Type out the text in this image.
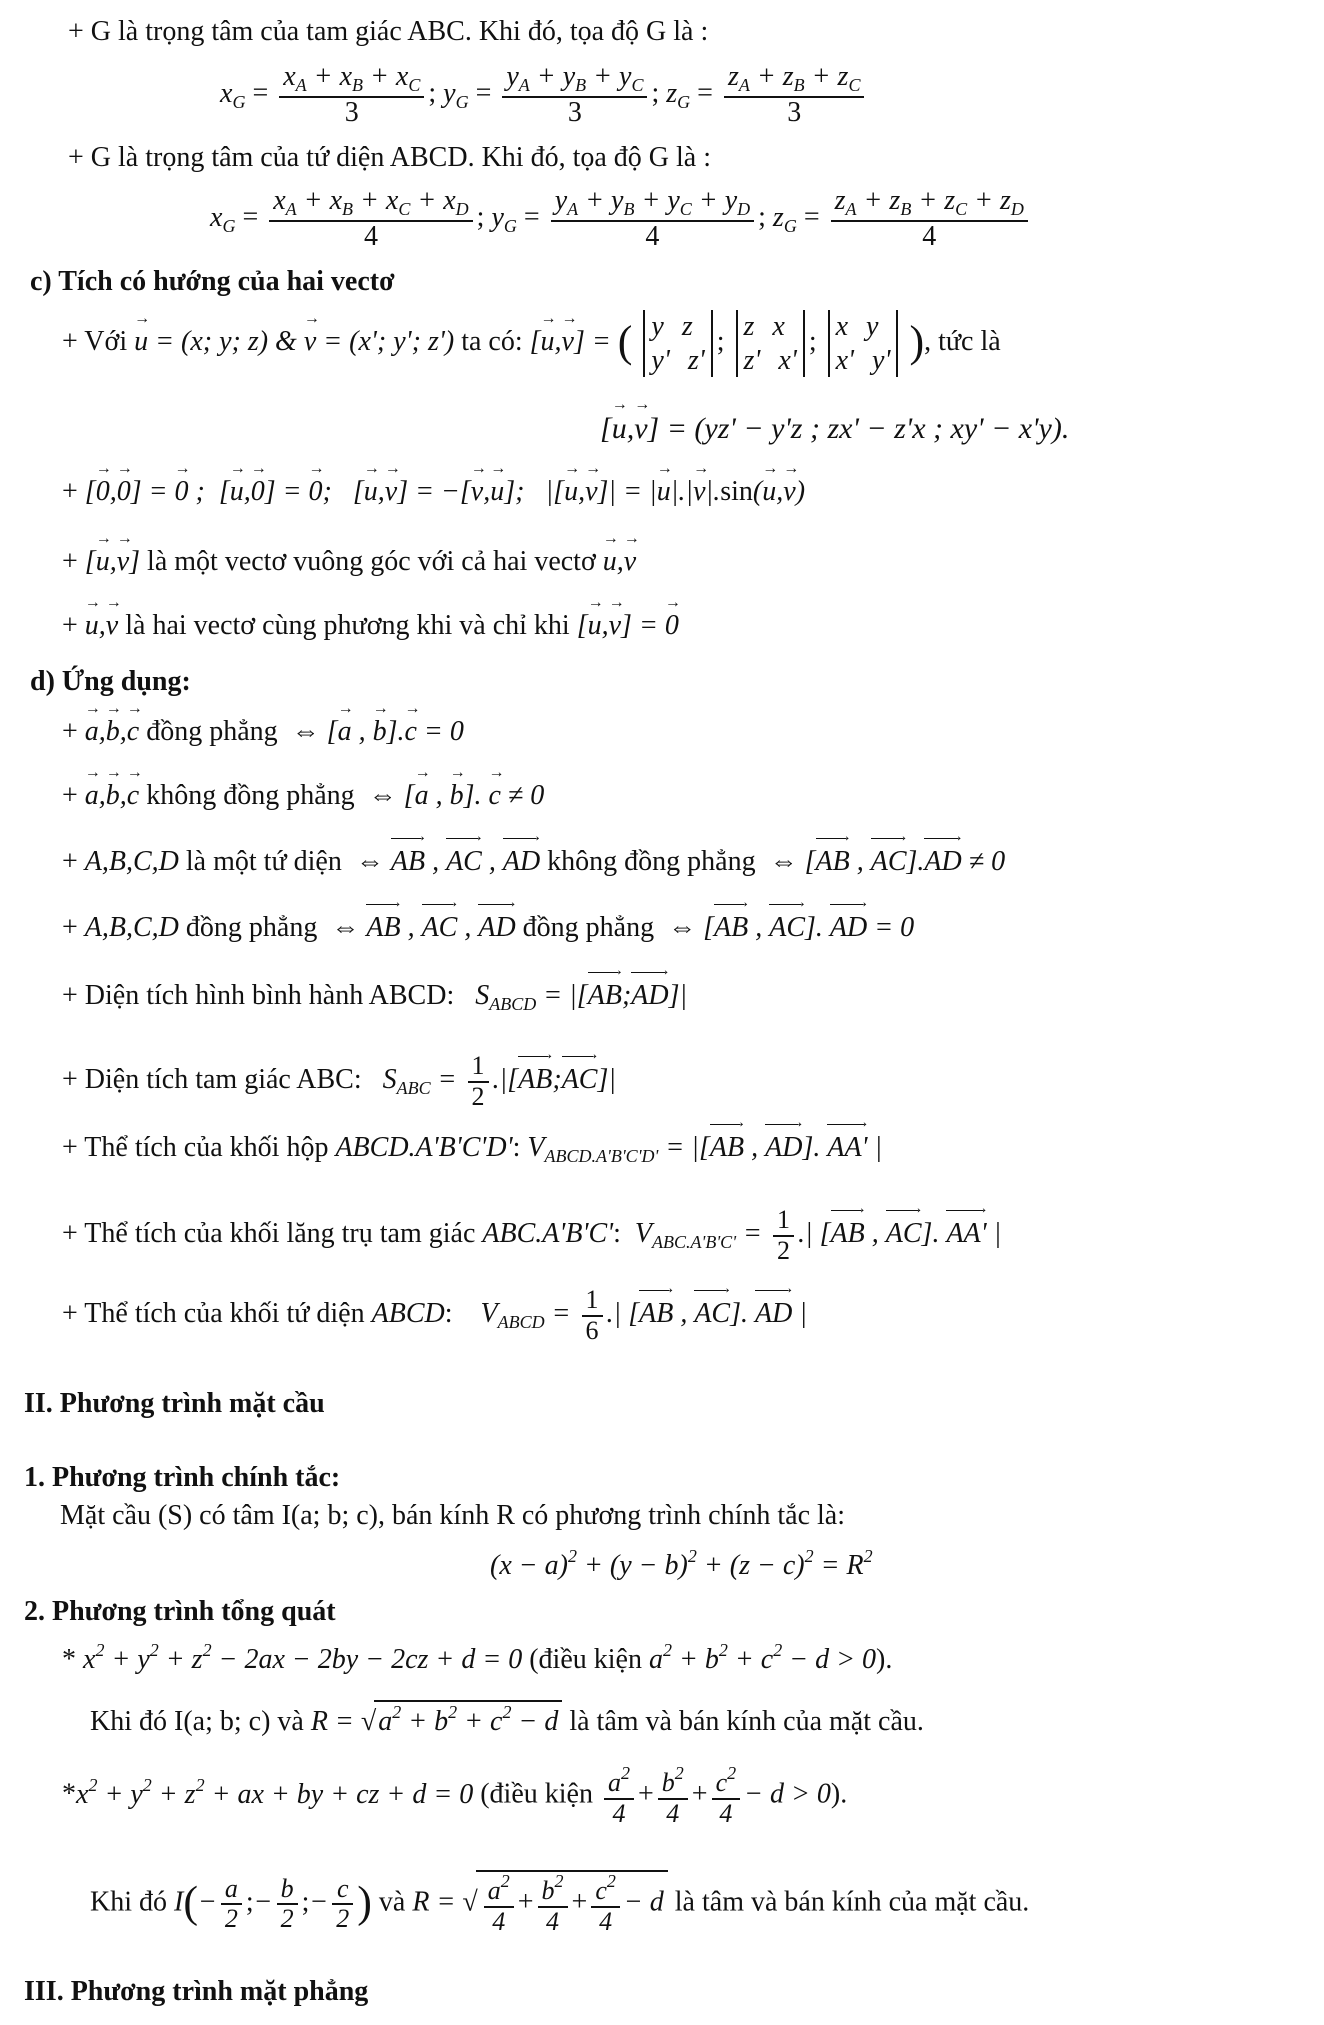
+ G là trọng tâm của tam giác ABC. Khi đó, tọa độ G là :
$x_G = \frac{x_A + x_B + x_C}{3}$ ; $y_G = \frac{y_A + y_B + y_C}{3}$ ; $z_G = \frac{z_A + z_B + z_C}{3}$
+ G là trọng tâm của tứ diện ABCD. Khi đó, tọa độ G là :
$x_G = \frac{x_A + x_B + x_C + x_D}{4}$ ; $y_G = \frac{y_A + y_B + y_C + y_D}{4}$ ; $z_G = \frac{z_A + z_B + z_C + z_D}{4}$
c) Tích có hướng của hai vectơ
+ Với → u = (x; y; z) & → v = (x'; y'; z') ta có: [→ u,→ v] = ( y z
y' z'
; z x
z' x'
; x y
x' y' ), tức là
[→ u,→ v] = (yz' − y'z ; zx' − z'x ; xy' − x'y).
+ [→ 0,→ 0] = → 0 ;  [→ u,→ 0] = → 0;   [→ u,→ v] = −[→ v,→ u];   |[→ u,→ v]| = |→ u|.|→ v|.sin(→ u,→ v)
+ [→ u,→ v] là một vectơ vuông góc với cả hai vectơ → u,→ v
+ → u,→ v là hai vectơ cùng phương khi và chỉ khi [→ u,→ v] = → 0
d) Ứng dụng:
+ → a,→ b,→ c đồng phẳng ⇔ [→ a , → b].→ c = 0
+ → a,→ b,→ c không đồng phẳng ⇔ [→ a , → b]. → c ≠ 0
+ A,B,C,D là một tứ diện ⇔ → AB , → AC , → AD không đồng phẳng ⇔ [→ AB , → AC].→ AD ≠ 0
+ A,B,C,D đồng phẳng ⇔ → AB , → AC , → AD đồng phẳng ⇔ [→ AB , → AC]. → AD = 0
+ Diện tích hình bình hành ABCD: $S_{ABCD}$ = |[→ AB;→ AD]|
+ Diện tích tam giác ABC: $S_{ABC} = \frac{1}{2}$ .|[→ AB;→ AC]|
+ Thể tích của khối hộp ABCD.A'B'C'D': $V_{ABCD.A'B'C'D'}$ = |[→ AB , → AD]. → AA' |
+ Thể tích của khối lăng trụ tam giác ABC.A'B'C':  $V_{ABC.A'B'C'} = \frac{1}{2}$ .| [→ AB , → AC]. → AA' |
+ Thể tích của khối tứ diện ABCD:    $V_{ABCD} = \frac{1}{6}$ .| [→ AB , → AC]. → AD |
II. Phương trình mặt cầu
1. Phương trình chính tắc:
Mặt cầu (S) có tâm I(a; b; c), bán kính R có phương trình chính tắc là:
$(x - a)^2 + (y - b)^2 + (z - c)^2 = R^2$
2. Phương trình tổng quát
* $x^2 + y^2 + z^2 - 2ax - 2by - 2cz + d = 0$ (điều kiện $a^2 + b^2 + c^2 - d > 0$).
Khi đó I(a; b; c) và $R = √a^2 + b^2 + c^2 - d$ là tâm và bán kính của mặt cầu.
$*x^2 + y^2 + z^2$ + ax + by + cz + d = 0 (điều kiện $\frac{a^2}{4} + \frac{b^2}{4} + \frac{c^2}{4} - d > 0$).
Khi đó $I(- \frac{a}{2}$ ;− $\frac{b}{2}$ ;− $\frac{c}{2}$ ) và R = √ $\frac{a^2}{4} + \frac{b^2}{4} + \frac{c^2}{4} - d$ là tâm và bán kính của mặt cầu.
III. Phương trình mặt phẳng
